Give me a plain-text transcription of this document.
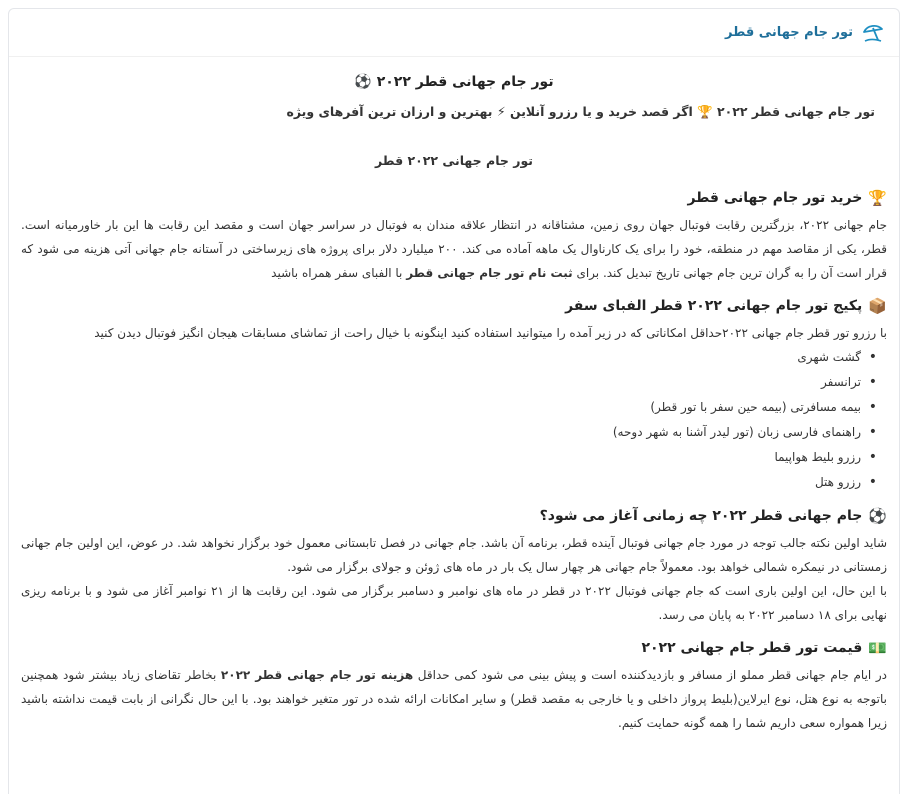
تور جام جهانی قطر
تور جام جهانی قطر ۲۰۲۲ ⚽
تور جام جهانی قطر ۲۰۲۲ 🏆 اگر قصد خرید و یا رزرو آنلاین ⚡ بهترین و ارزان ترین آفرهای ویژه
تور جام جهانی ۲۰۲۲ قطر
🏆
خرید تور جام جهانی قطر

جام جهانی ۲۰۲۲، بزرگترین رقابت فوتبال جهان روی زمین، مشتاقانه در انتظار علاقه مندان به فوتبال در سراسر جهان است و مقصد این رقابت ها این بار خاورمیانه است. قطر، یکی از مقاصد مهم در منطقه، خود را برای یک کارناوال یک ماهه آماده می کند. ۲۰۰ میلیارد دلار برای پروژه های زیرساختی در آستانه جام جهانی آتی هزینه می شود که قرار است آن را به گران ترین جام جهانی تاریخ تبدیل کند. برای ثبت نام تور جام جهانی قطر با الفبای سفر همراه باشید

📦
پکیج تور جام جهانی ۲۰۲۲ قطر الفبای سفر

با رزرو تور قطر جام جهانی ۲۰۲۲حداقل امکاناتی که در زیر آمده را میتوانید استفاده کنید اینگونه با خیال راحت از تماشای مسابقات هیجان انگیز فوتبال دیدن کنید

• گشت شهری
• ترانسفر
• بیمه مسافرتی (بیمه حین سفر با تور قطر)
• راهنمای فارسی زبان (تور لیدر آشنا به شهر دوحه)
• رزرو بلیط هواپیما
• رزرو هتل
⚽
جام جهانی قطر ۲۰۲۲ چه زمانی آغاز می شود؟

شاید اولین نکته جالب توجه در مورد جام جهانی فوتبال آینده قطر، برنامه آن باشد. جام جهانی در فصل تابستانی معمول خود برگزار نخواهد شد. در عوض، این اولین جام جهانی زمستانی در نیمکره شمالی خواهد بود. معمولاً جام جهانی هر چهار سال یک بار در ماه های ژوئن و جولای برگزار می شود.

با این حال، این اولین باری است که جام جهانی فوتبال ۲۰۲۲ در قطر در ماه های نوامبر و دسامبر برگزار می شود. این رقابت ها از ۲۱ نوامبر آغاز می شود و با برنامه ریزی نهایی برای ۱۸ دسامبر ۲۰۲۲ به پایان می رسد.

💵
قیمت تور قطر جام جهانی ۲۰۲۲

در ایام جام جهانی قطر مملو از مسافر و بازدیدکننده است و پیش بینی می شود کمی حداقل هزینه تور جام جهانی قطر ۲۰۲۲ بخاطر تقاضای زیاد بیشتر شود همچنین باتوجه به نوع هتل، نوع ایرلاین(بلیط پرواز داخلی و یا خارجی به مقصد قطر) و سایر امکانات ارائه شده در تور متغیر خواهند بود. با این حال نگرانی از بابت قیمت نداشته باشید زیرا همواره سعی داریم شما را همه گونه حمایت کنیم.
